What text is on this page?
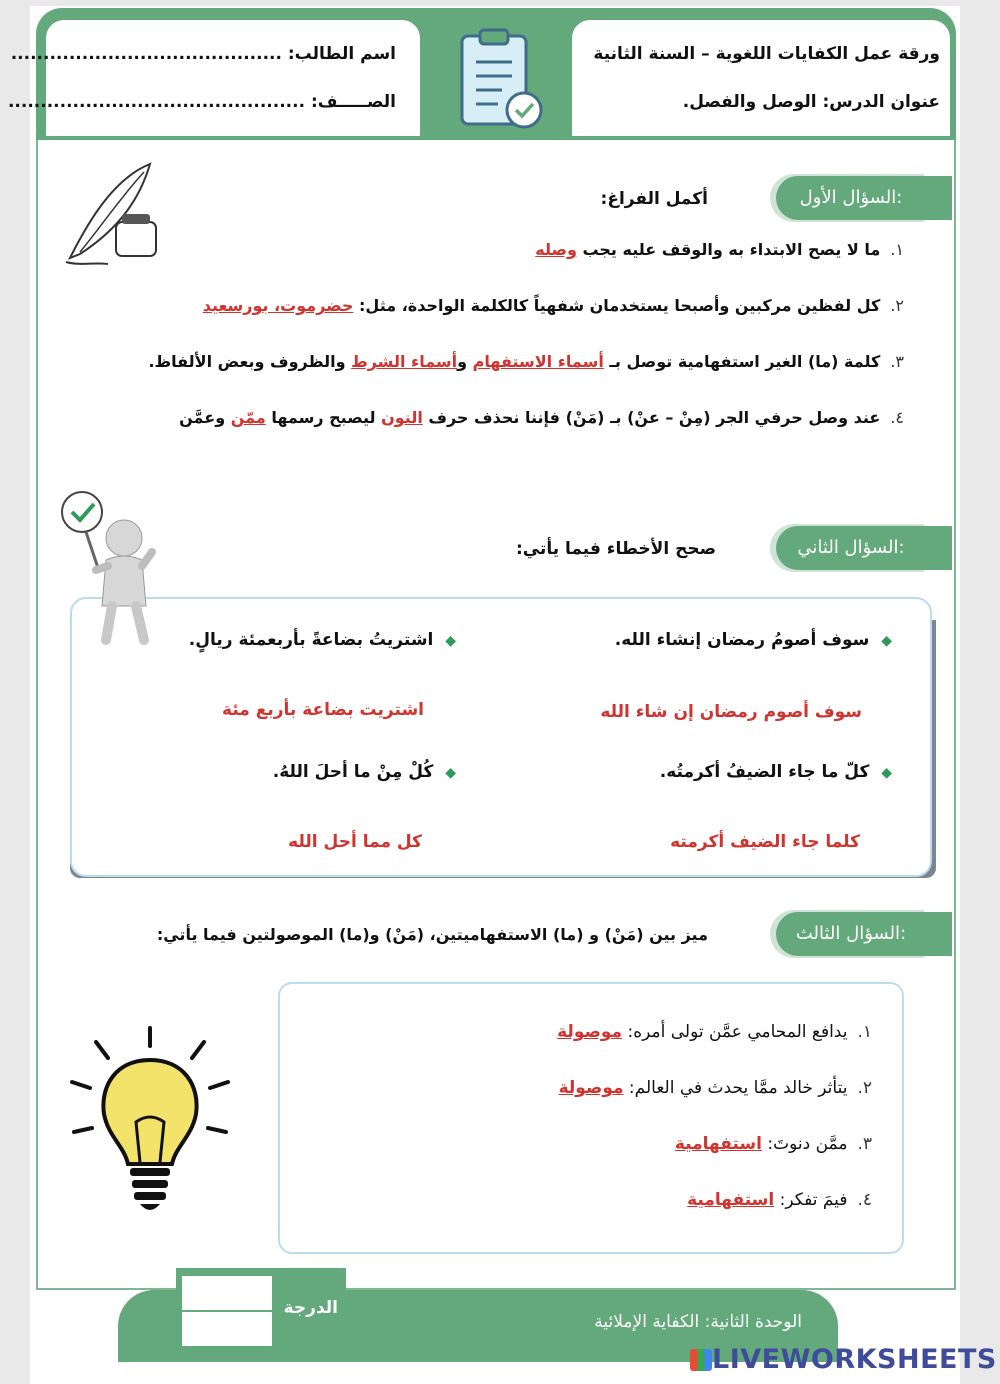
ورقة عمل الكفايات اللغوية – السنة الثانية
عنوان الدرس: الوصل والفصل.
اسم الطالب: ..........................................
الصـــــف: ..............................................
السؤال الأول:
أكمل الفراغ:
١.ما لا يصح الابتداء به والوقف عليه يجب وصله
٢.كل لفظين مركبين وأصبحا يستخدمان شفهياً كالكلمة الواحدة، مثل: حضرموت، بورسعيد
٣.كلمة (ما) الغير استفهامية توصل بـ أسماء الاستفهام وأسماء الشرط والظروف وبعض الألفاظ.
٤.عند وصل حرفي الجر (مِنْ – عنْ) بـ (مَنْ) فإننا نحذف حرف النون ليصبح رسمها ممّن وعمَّن
السؤال الثاني:
صحح الأخطاء فيما يأتي:
◆  سوف أصومُ رمضان إنشاء الله.
سوف أصوم رمضان إن شاء الله
◆  كلّ ما جاء الضيفُ أكرمتُه.
كلما جاء الضيف أكرمته
◆  اشتريتُ بضاعةً بأربعمئة ريالٍ.
اشتريت بضاعة بأربع مئة
◆  كُلْ مِنْ ما أحلَ اللهُ.
كل مما أحل الله
السؤال الثالث:
ميز بين (مَنْ) و (ما) الاستفهاميتين، (مَنْ) و(ما) الموصولتين فيما يأتي:
١.يدافع المحامي عمَّن تولى أمره: موصولة
٢.يتأثر خالد ممَّا يحدث في العالم: موصولة
٣.ممَّن دنوتَ: استفهامية
٤.فيمَ تفكر: استفهامية
الدرجة
الوحدة الثانية: الكفاية الإملائية
LIVEWORKSHEETS
